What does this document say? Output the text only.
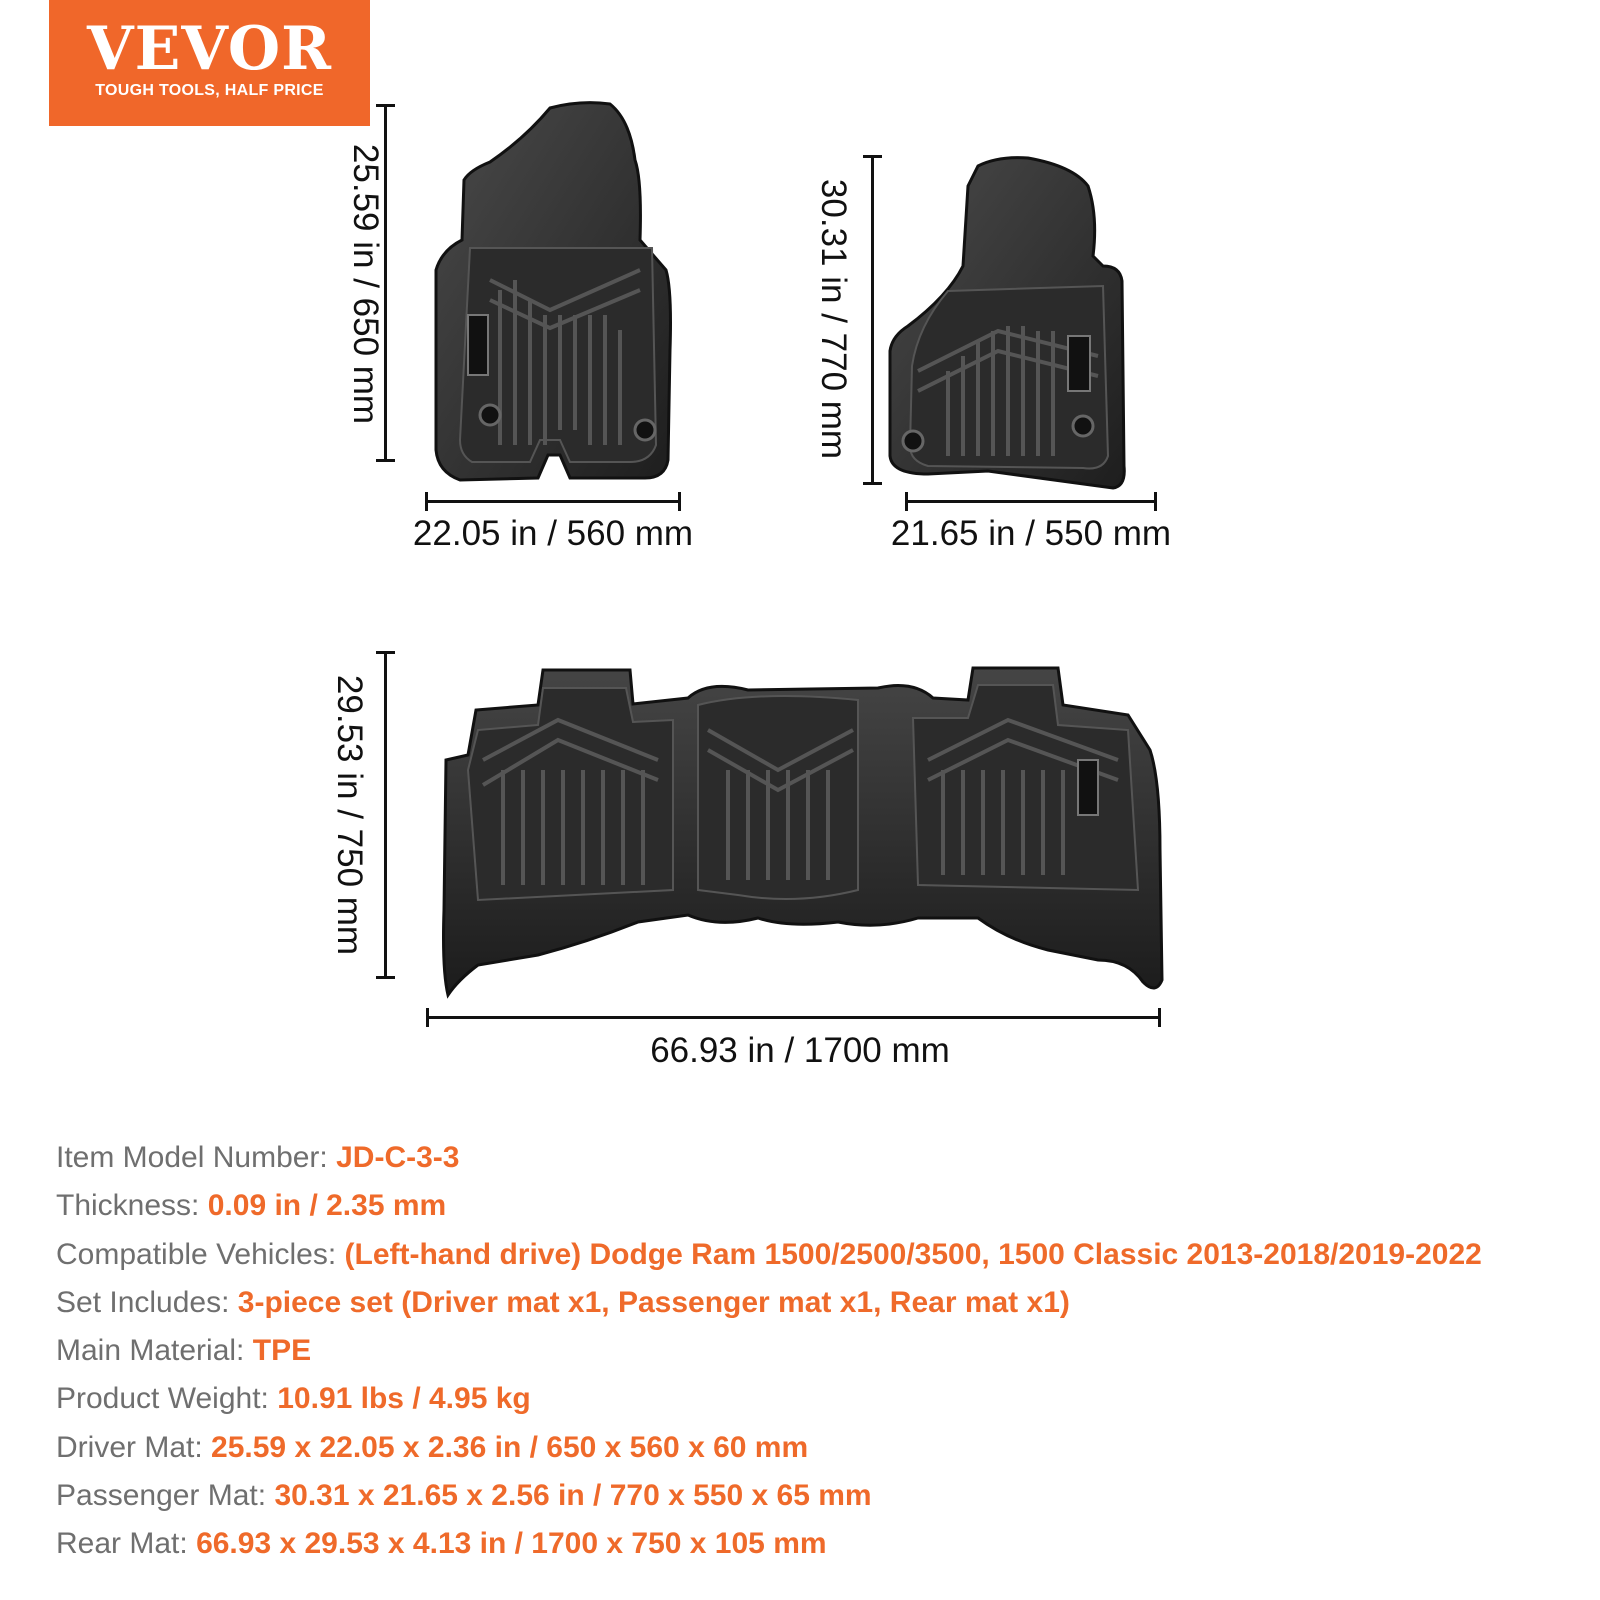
VEVOR
TOUGH TOOLS, HALF PRICE
25.59 in / 650 mm
22.05 in / 560 mm
30.31 in / 770 mm
21.65 in / 550 mm
29.53 in / 750 mm
66.93 in / 1700 mm
Item Model Number: JD-C-3-3
Thickness: 0.09 in / 2.35 mm
Compatible Vehicles: (Left-hand drive) Dodge Ram 1500/2500/3500, 1500 Classic 2013-2018/2019-2022
Set Includes: 3-piece set (Driver mat x1, Passenger mat x1, Rear mat x1)
Main Material: TPE
Product Weight: 10.91 lbs / 4.95 kg
Driver Mat: 25.59 x 22.05 x 2.36 in / 650 x 560 x 60 mm
Passenger Mat: 30.31 x 21.65 x 2.56 in / 770 x 550 x 65 mm
Rear Mat: 66.93 x 29.53 x 4.13 in / 1700 x 750 x 105 mm
